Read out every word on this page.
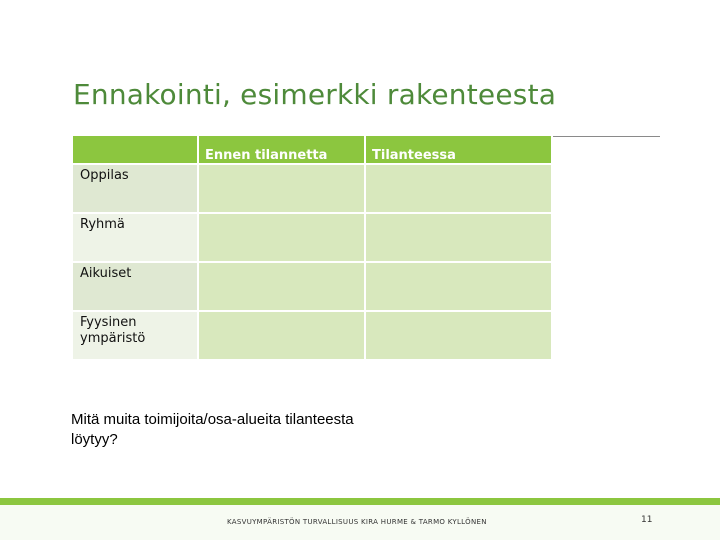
Ennakointi, esimerkki rakenteesta

	Ennen tilannetta	Tilanteessa

Oppilas		

Ryhmä		

Aikuiset		

Fyysinen ympäristö		

Mitä muita toimijoita/osa-alueita tilanteesta löytyy?
KASVUYMPÄRISTÖN TURVALLISUUS KIRA HURME & TARMO KYLLÖNEN	11
